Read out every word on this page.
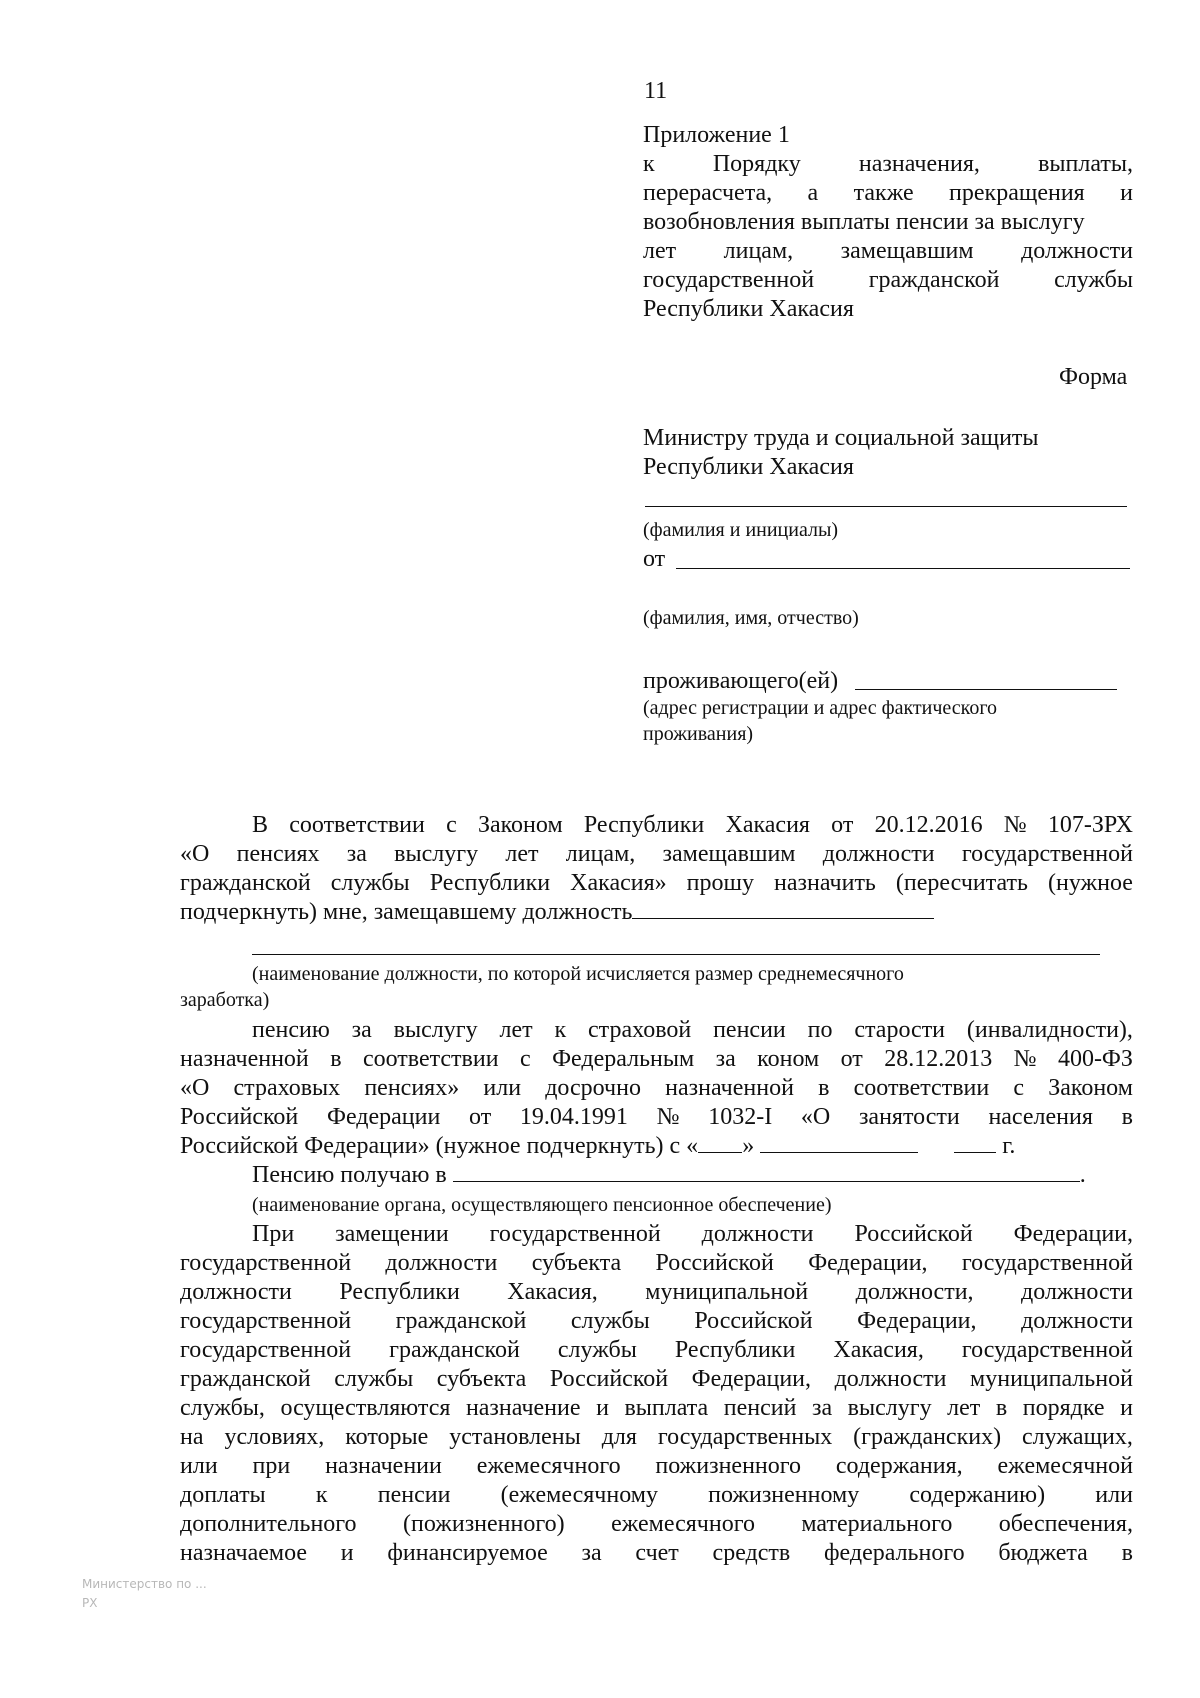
11
Приложение 1
к Порядку назначения, выплаты,
перерасчета, а также прекращения и
возобновления выплаты пенсии за выслугу
лет лицам, замещавшим должности
государственной гражданской службы
Республики Хакасия
Форма
Министру труда и социальной защиты
Республики Хакасия
(фамилия и инициалы)
от
(фамилия, имя, отчество)
проживающего(ей)
(адрес регистрации и адрес фактического
проживания)
В соответствии с Законом Республики Хакасия от 20.12.2016 № 107-ЗРХ
«О пенсиях за выслугу лет лицам, замещавшим должности государственной
гражданской службы Республики Хакасия» прошу назначить (пересчитать (нужное
подчеркнуть) мне, замещавшему должность
(наименование должности, по которой исчисляется размер среднемесячного
заработка)
пенсию за выслугу лет к страховой пенсии по старости (инвалидности),
назначенной в соответствии с Федеральным за коном от 28.12.2013 № 400-ФЗ
«О страховых пенсиях» или досрочно назначенной в соответствии с Законом
Российской Федерации от 19.04.1991 № 1032-I «О занятости населения в
Российской Федерации» (нужное подчеркнуть) с « »	г.
Пенсию получаю в	.
(наименование органа, осуществляющего пенсионное обеспечение)
При замещении государственной должности Российской Федерации,
государственной должности субъекта Российской Федерации, государственной
должности Республики Хакасия, муниципальной должности, должности
государственной гражданской службы Российской Федерации, должности
государственной гражданской службы Республики Хакасия, государственной
гражданской службы субъекта Российской Федерации, должности муниципальной
службы, осуществляются назначение и выплата пенсий за выслугу лет в порядке и
на условиях, которые установлены для государственных (гражданских) служащих,
или при назначении ежемесячного пожизненного содержания, ежемесячной
доплаты к пенсии (ежемесячному пожизненному содержанию) или
дополнительного (пожизненного) ежемесячного материального обеспечения,
назначаемое и финансируемое за счет средств федерального бюджета в
Министерство по ...
РХ
